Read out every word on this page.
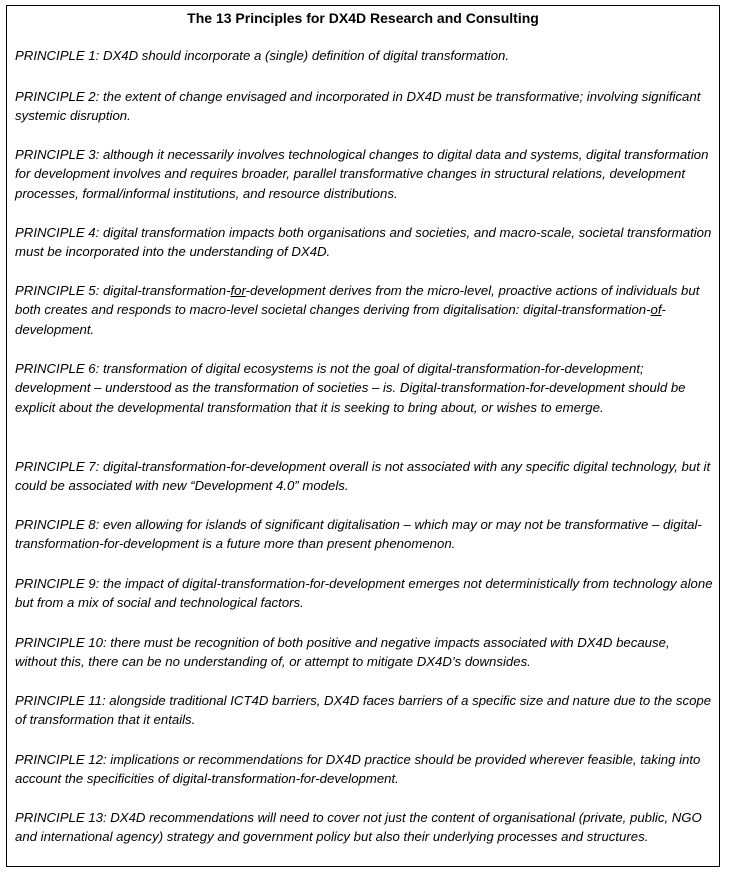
The 13 Principles for DX4D Research and Consulting
PRINCIPLE 1: DX4D should incorporate a (single) definition of digital transformation.
PRINCIPLE 2: the extent of change envisaged and incorporated in DX4D must be transformative; involving significant systemic disruption.
PRINCIPLE 3: although it necessarily involves technological changes to digital data and systems, digital transformation for development involves and requires broader, parallel transformative changes in structural relations, development processes, formal/informal institutions, and resource distributions.
PRINCIPLE 4: digital transformation impacts both organisations and societies, and macro-scale, societal transformation must be incorporated into the understanding of DX4D.
PRINCIPLE 5: digital-transformation-for-development derives from the micro-level, proactive actions of individuals but both creates and responds to macro-level societal changes deriving from digitalisation: digital-transformation-of-development.
PRINCIPLE 6: transformation of digital ecosystems is not the goal of digital-transformation-for-development; development – understood as the transformation of societies – is. Digital-transformation-for-development should be explicit about the developmental transformation that it is seeking to bring about, or wishes to emerge.
PRINCIPLE 7: digital-transformation-for-development overall is not associated with any specific digital technology, but it could be associated with new “Development 4.0” models.
PRINCIPLE 8: even allowing for islands of significant digitalisation – which may or may not be transformative – digital-transformation-for-development is a future more than present phenomenon.
PRINCIPLE 9: the impact of digital-transformation-for-development emerges not deterministically from technology alone but from a mix of social and technological factors.
PRINCIPLE 10: there must be recognition of both positive and negative impacts associated with DX4D because, without this, there can be no understanding of, or attempt to mitigate DX4D’s downsides.
PRINCIPLE 11: alongside traditional ICT4D barriers, DX4D faces barriers of a specific size and nature due to the scope of transformation that it entails.
PRINCIPLE 12: implications or recommendations for DX4D practice should be provided wherever feasible, taking into account the specificities of digital-transformation-for-development.
PRINCIPLE 13: DX4D recommendations will need to cover not just the content of organisational (private, public, NGO and international agency) strategy and government policy but also their underlying processes and structures.
